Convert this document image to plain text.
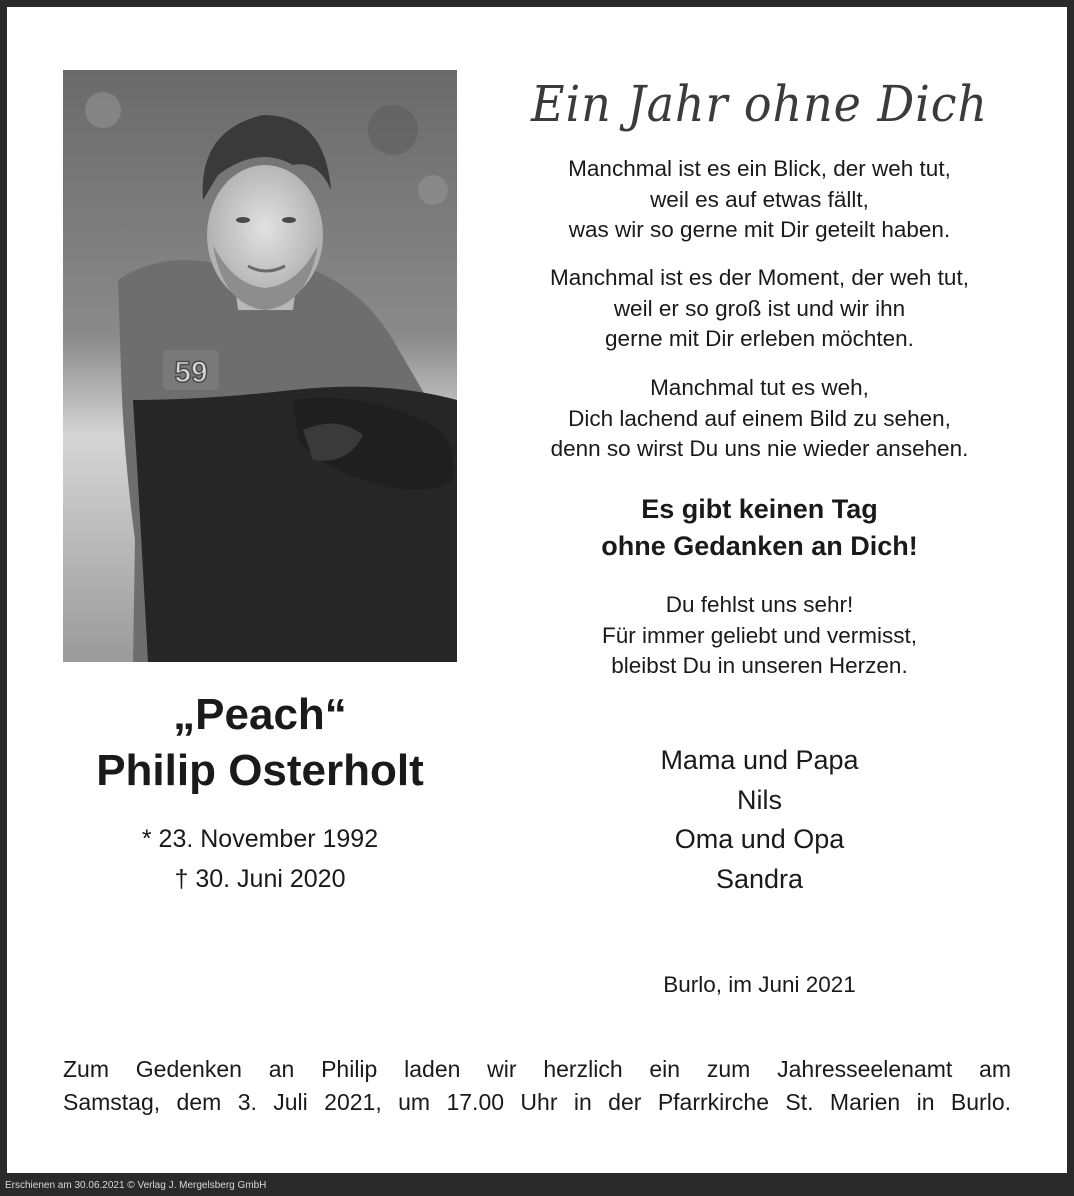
59
„Peach“
Philip Osterholt
* 23. November 1992
† 30. Juni 2020
Ein Jahr ohne Dich
Manchmal ist es ein Blick, der weh tut,
weil es auf etwas fällt,
was wir so gerne mit Dir geteilt haben.
Manchmal ist es der Moment, der weh tut,
weil er so groß ist und wir ihn
gerne mit Dir erleben möchten.
Manchmal tut es weh,
Dich lachend auf einem Bild zu sehen,
denn so wirst Du uns nie wieder ansehen.
Es gibt keinen Tag
ohne Gedanken an Dich!
Du fehlst uns sehr!
Für immer geliebt und vermisst,
bleibst Du in unseren Herzen.
Mama und Papa
Nils
Oma und Opa
Sandra
Burlo, im Juni 2021
Zum Gedenken an Philip laden wir herzlich ein zum Jahresseelenamt am
Samstag, dem 3. Juli 2021, um 17.00 Uhr in der Pfarrkirche St. Marien in Burlo.
Erschienen am 30.06.2021 © Verlag J. Mergelsberg GmbH
